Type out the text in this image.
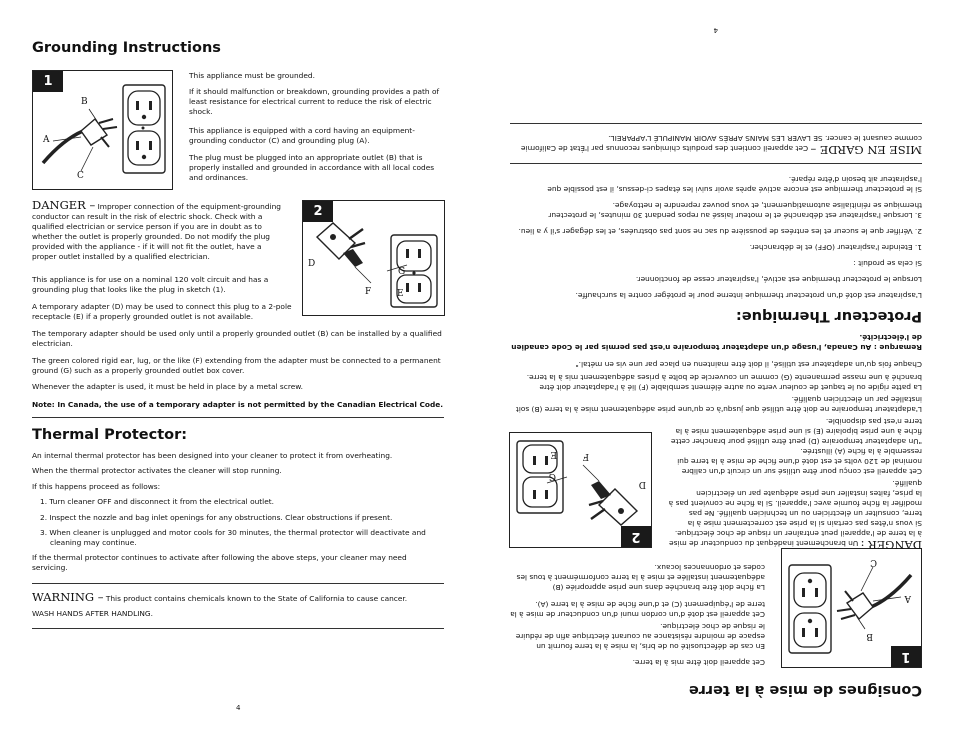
Grounding Instructions
1
B
A
C

This appliance must be grounded.

If it should malfunction or breakdown, grounding provides a path of least resistance for electrical current to reduce the risk of electric shock.

This appliance is equipped with a cord having an equipment-grounding conductor (C) and grounding plug (A).

The plug must be plugged into an appropriate outlet (B) that is properly installed and grounded in accordance with all local codes and ordinances.

DANGER – Improper connection of the equipment-grounding conductor can result in the risk of electric shock. Check with a qualified electrician or service person if you are in doubt as to whether the outlet is properly grounded. Do not modify the plug provided with the appliance - if it will not fit the outlet, have a proper outlet installed by a qualified electrician.

2
D
F
G
E

This appliance is for use on a nominal 120 volt circuit and has a grounding plug that looks like the plug in sketch (1).

A temporary adapter (D) may be used to connect this plug to a 2-pole receptacle (E) if a properly grounded outlet is not available.

The temporary adapter should be used only until a properly grounded outlet (B) can be installed by a qualified electrician.

The green colored rigid ear, lug, or the like (F) extending from the adapter must be connected to a permanent ground (G) such as a properly grounded outlet box cover.

Whenever the adapter is used, it must be held in place by a metal screw.

Note: In Canada, the use of a temporary adapter is not permitted by the Canadian Electrical Code.

Thermal Protector:

An internal thermal protector has been designed into your cleaner to protect it from overheating.

When the thermal protector activates the cleaner will stop running.

If this happens proceed as follows:

1. Turn cleaner OFF and disconnect it from the electrical outlet.

2. Inspect the nozzle and bag inlet openings for any obstructions. Clear obstructions if present.

3. When cleaner is unplugged and motor cools for 30 minutes, the thermal protector will deactivate and cleaning may continue.

If the thermal protector continues to activate after following the above steps, your cleaner may need servicing.

WARNING – This product contains chemicals known to the State of California to cause cancer.

WASH HANDS AFTER HANDLING.

4
Consignes de mise à la terre
1
B
A
C

Cet appareil doit être mis à la terre.

En cas de défectuosité ou de bris, la mise à la terre fournit un espace de moindre résistance au courant électrique afin de réduire le risque de choc électrique.

Cet appareil est doté d'un cordon muni d'un conducteur de mise à la terre de l'équipement (C) et d'une fiche de mise à la terre (A).

La fiche doit être branchée dans une prise appropriée (B) adéquatement installée et mise à la terre conformément à tous les codes et ordonnances locaux.

DANGER : Un branchement inadéquat du conducteur de mise à la terre de l'appareil peut entraîner un risque de choc électrique. Si vous n'êtes pas certain si la prise est correctement mise à la terre, consulter un électricien ou un technicien qualifié. Ne pas modifier la fiche fournie avec l'appareil. Si la fiche ne convient pas à la prise, faites installer une prise adéquate par un électricien qualifié.

2
D
F
G
E

Cet appareil est conçu pour être utilisé sur un circuit d'un calibre nominal de 120 volts et est doté d'une fiche de mise à la terre qui ressemble à la fiche (A) illustrée.

"Un adaptateur temporaire (D) peut être utilisé pour brancher cette fiche à une prise bipolaire (E) si une prise adéquatement mise à la terre n'est pas disponible.

L'adaptateur temporaire ne doit être utilisé que jusqu'à ce qu'une prise adéquatement mise à la terre (B) soit installée par un électricien qualifié.

La patte rigide ou le taquet de couleur verte ou autre élément semblable (F) lié à l'adaptateur doit être branché à une masse permanente (G) comme un couvercle de boîte à prises adéquatement mis à la terre.

Chaque fois qu'un adaptateur est utilisé, il doit être maintenu en place par une vis en métal."

Remarque : Au Canada, l'usage d'un adaptateur temporaire n'est pas permis par le Code canadien de l'électricité.

Protecteur Thermique:

L'aspirateur est doté d'un protecteur thermique interne pour le protéger contre la surchauffe.

Lorsque le protecteur thermique est activé, l'aspirateur cesse de fonctionner.

Si cela se produit :

1. Eteindre l'aspirateur (OFF) et le débrancher.

2. Vérifier que le suceur et les entrées de poussière du sac ne sont pas obstruées, et les dégager s'il y a lieu.

3. Lorsque l'aspirateur est débranché et le moteur laissé au repos pendant 30 minutes, le protecteur thermique se réinitialise automatiquement, et vous pouvez reprendre le nettoyage.

Si le protecteur thermique est encore activé après avoir suivi les étapes ci-dessus, il est possible que l'aspirateur ait besoin d'être réparé.

MISE EN GARDE – Cet appareil contient des produits chimiques reconnus par l'État de Californie comme causant le cancer. SE LAVER LES MAINS APRÈS AVOIR MANIPULÉ L'APPAREIL.

4
